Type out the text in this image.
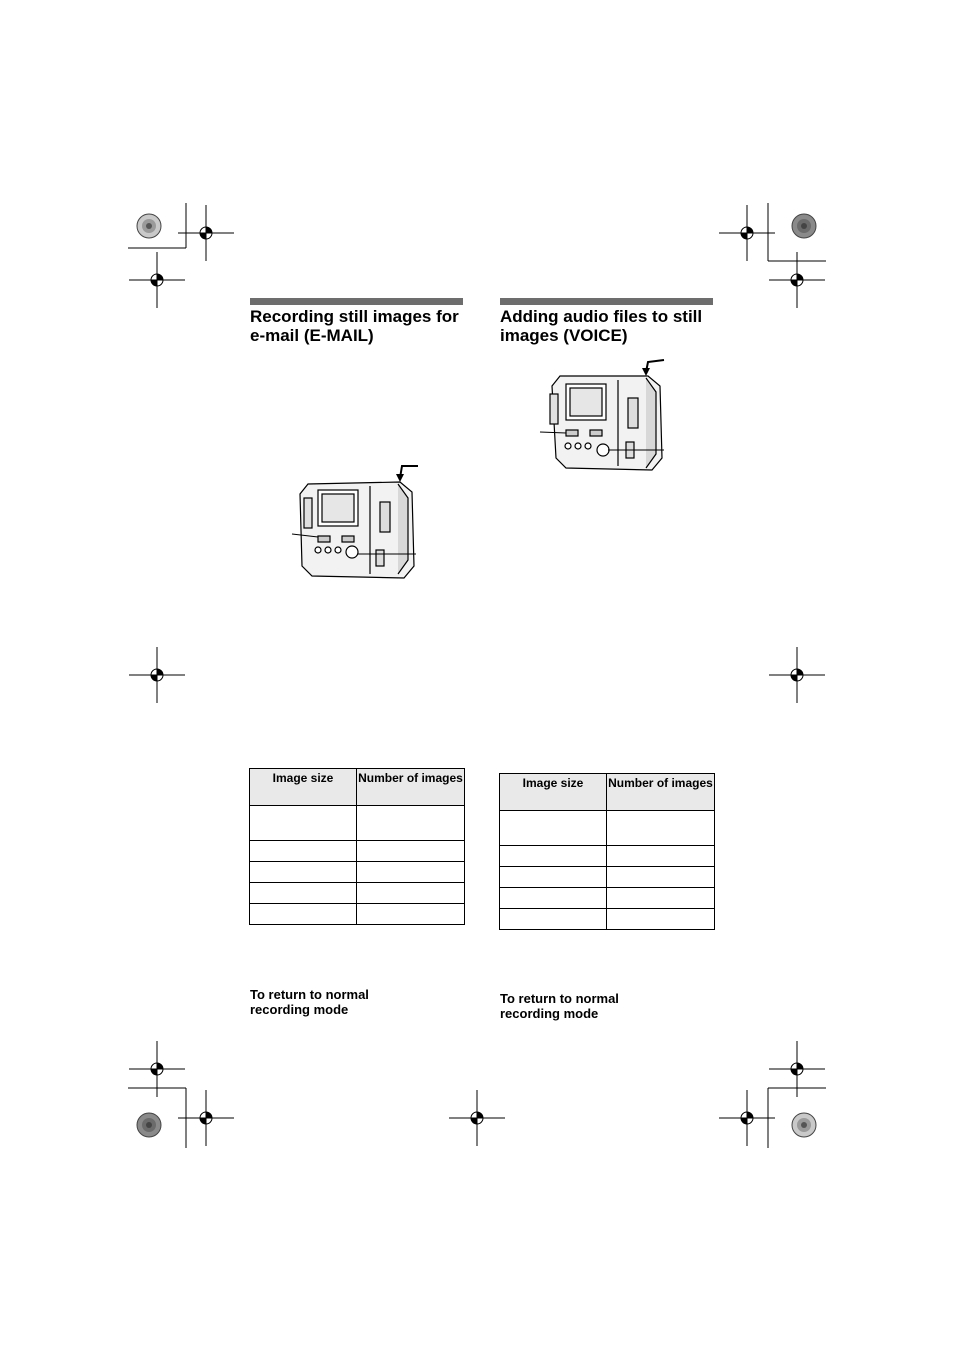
Recording still images for e-mail (E-MAIL)
Image size	Number of images

To return to normal recording mode
Adding audio files to still images (VOICE)
Image size	Number of images

To return to normal recording mode
